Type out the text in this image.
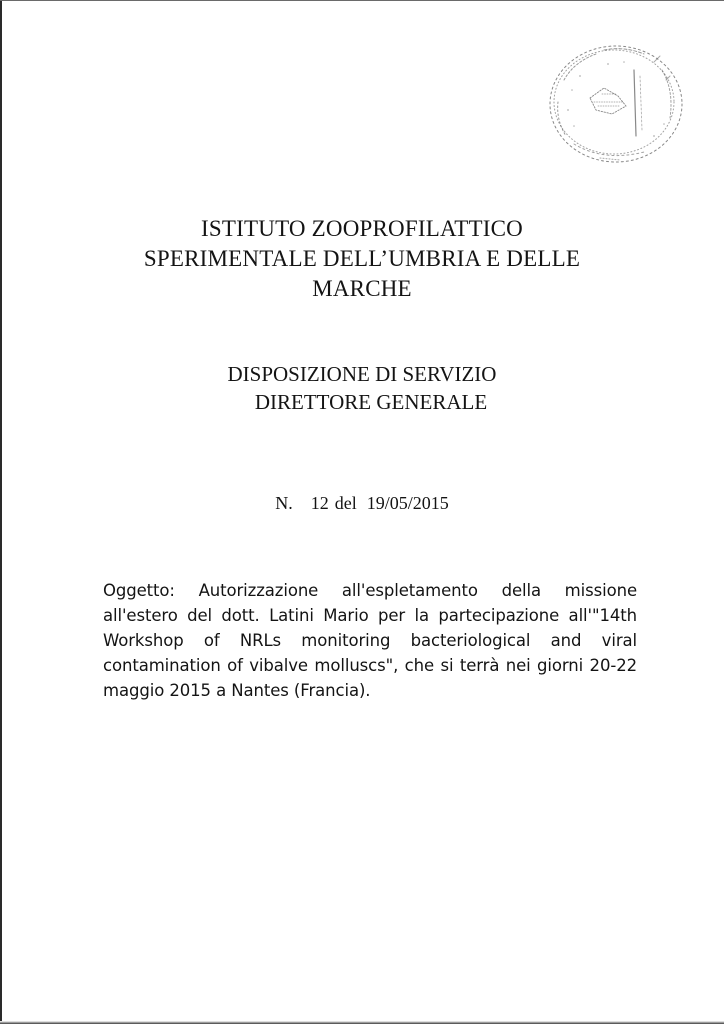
ISTITUTO ZOOPROFILATTICO
SPERIMENTALE DELL’UMBRIA E DELLE
MARCHE
DISPOSIZIONE DI SERVIZIO
DIRETTORE GENERALE
N. 12 del 19/05/2015
Oggetto: Autorizzazione all'espletamento della missione all'estero del dott. Latini Mario per la partecipazione all'"14th Workshop of NRLs monitoring bacteriological and viral contamination of vibalve molluscs", che si terrà nei giorni 20-22 maggio 2015 a Nantes (Francia).
